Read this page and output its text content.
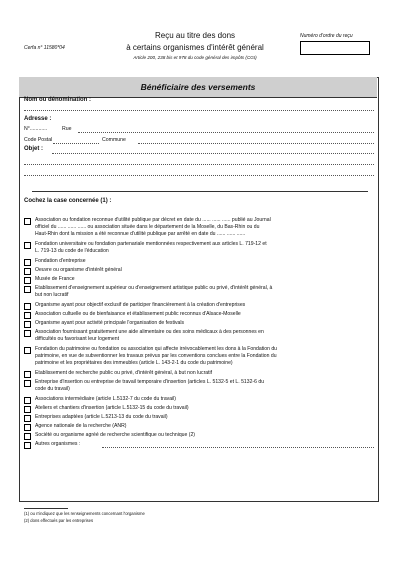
Cerfa n° 11580*04
Reçu au titre des dons
à certains organismes d'intérêt général
Article 200, 238 bis et 978 du code général des impôts (CGI)
Numéro d'ordre du reçu
Bénéficiaire des versements
Nom ou dénomination :
Adresse :
N°............	Rue
Code Postal	Commune
Objet :
Cochez la case concernée (1) :
Association ou fondation reconnue d'utilité publique par décret en date du ...... ...... ...... publié au Journal
officiel du ...... ...... ...... ou association située dans le département de la Moselle, du Bas-Rhin ou du
Haut-Rhin dont la mission a été reconnue d'utilité publique par arrêté en date du ...... ...... ......
Fondation universitaire ou fondation partenariale mentionnées respectivement aux articles L. 719-12 et
L. 719-13 du code de l'éducation
Fondation d'entreprise
Oeuvre ou organisme d'intérêt général
Musée de France
Etablissement d'enseignement supérieur ou d'enseignement artistique public ou privé, d'intérêt général, à
but non lucratif
Organisme ayant pour objectif exclusif de participer financièrement à la création d'entreprises
Association cultuelle ou de bienfaisance et établissement public reconnus d'Alsace-Moselle
Organisme ayant pour activité principale l'organisation de festivals
Association fournissant gratuitement une aide alimentaire ou des soins médicaux à des personnes en
difficultés ou favorisant leur logement
Fondation du patrimoine ou fondation ou association qui affecte irrévocablement les dons à la Fondation du
patrimoine, en vue de subventionner les travaux prévus par les conventions conclues entre la Fondation du
patrimoine et les propriétaires des immeubles (article L. 143-2-1 du code du patrimoine)
Etablissement de recherche public ou privé, d'intérêt général, à but non lucratif
Entreprise d'insertion ou entreprise de travail temporaire d'insertion (articles L. 5132-5 et L. 5132-6 du
code du travail)
Associations intermédiaire (article L.5132-7 du code du travail)
Ateliers et chantiers d'insertion (article L.5132-15 du code du travail)
Entreprises adaptées (article L.5213-13 du code du travail)
Agence nationale de la recherche (ANR)
Société ou organisme agréé de recherche scientifique ou technique (2)
Autres organismes :
(1) ou n'indiquez que les renseignements concernant l'organisme
(2) dons effectués par les entreprises
